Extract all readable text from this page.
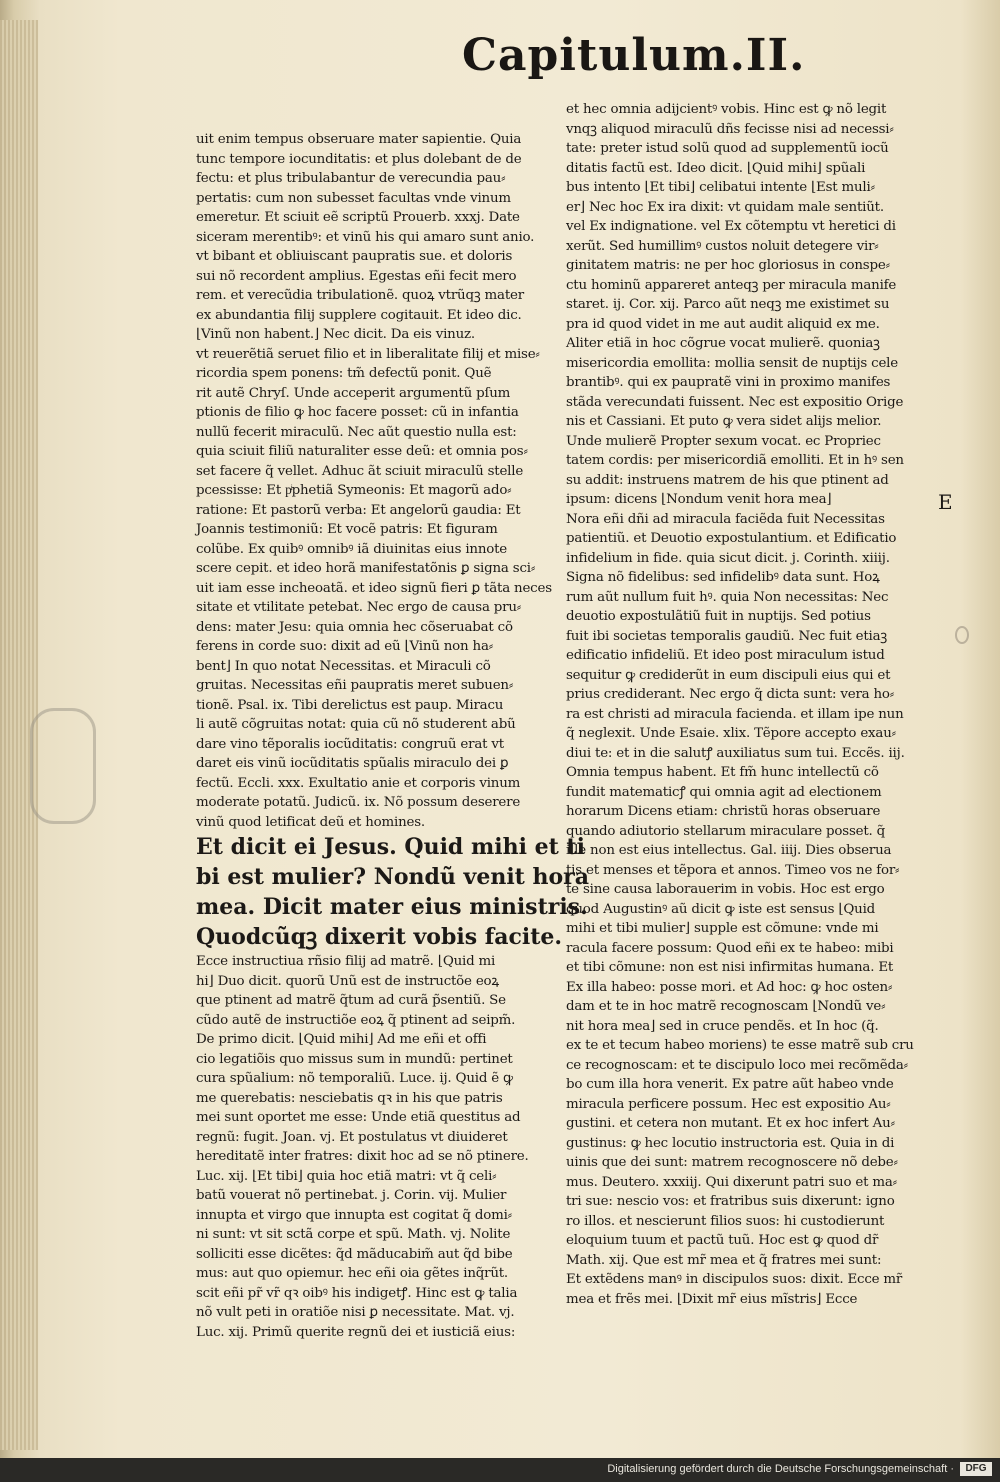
Capitulum.II.
E
uit enim tempus obseruare mater sapientie. Quia
tunc tempore iocunditatis: et plus dolebant de de
fectu: et plus tribulabantur de verecundia pau⸗
pertatis: cum non subesset facultas vnde vinum
emeretur. Et sciuit eẽ scriptũ Prouerb. xxxj. Date
siceram merentibꝰ: et vinũ his qui amaro sunt anio.
vt bibant et obliuiscant paupratis sue. et doloris
sui nõ recordent amplius. Egestas eñi fecit mero
rem. et verecũdia tribulationẽ. quoꝝ vtrũqꝫ mater
ex abundantia filij supplere cogitauit. Et ideo dic.
⌊Vinũ non habent.⌋ Nec dicit. Da eis vinuz.
vt reuerẽtiã seruet filio et in liberalitate filij et mise⸗
ricordia spem ponens: tm̃ defectũ ponit. Quẽ
rit autẽ Chryſ. Unde acceperit argumentũ pſum
ptionis de filio ꝙ hoc facere posset: cũ in infantia
nullũ fecerit miraculũ. Nec aũt questio nulla est:
quia sciuit filiũ naturaliter esse deũ: et omnia pos⸗
set facere q̃ vellet. Adhuc ãt sciuit miraculũ stelle
pcessisse: Et pͥphetiã Symeonis: Et magorũ ado⸗
ratione: Et pastorũ verba: Et angelorũ gaudia: Et
Joannis testimoniũ: Et vocẽ patris: Et figuram
colũbe. Ex quibꝰ omnibꝰ iã diuinitas eius innote
scere cepit. et ideo horã manifestatõnis ꝑ signa sci⸗
uit iam esse incheoatã. et ideo signũ fieri ꝑ tãta neces
sitate et vtilitate petebat. Nec ergo de causa pru⸗
dens: mater Jesu: quia omnia hec cõseruabat cõ
ferens in corde suo: dixit ad eũ ⌊Vinũ non ha⸗
bent⌋ In quo notat Necessitas. et Miraculi cõ
gruitas. Necessitas eñi paupratis meret subuen⸗
tionẽ. Psal. ix. Tibi derelictus est paup. Miracu
li autẽ cõgruitas notat: quia cũ nõ studerent abũ
dare vino tẽporalis iocũditatis: congruũ erat vt
daret eis vinũ iocũditatis spũalis miraculo dei ꝑ
fectũ. Eccli. xxx. Exultatio anie et corporis vinum
moderate potatũ. Judicũ. ix. Nõ possum deserere
vinũ quod letificat deũ et homines.
Et dicit ei Jesus. Quid mihi et ti
bi est mulier? Nondũ venit hora
mea. Dicit mater eius ministris.
Quodcũqꝫ dixerit vobis facite.
Ecce instructiua rñsio filij ad matrẽ. ⌊Quid mi
hi⌋ Duo dicit. quorũ Unũ est de instructõe eoꝝ
que ptinent ad matrẽ q̃tum ad curã p̃sentiũ. Se
cũdo autẽ de instructiõe eoꝝ q̃ ptinent ad seipm̃.
De primo dicit. ⌊Quid mihi⌋ Ad me eñi et offi
cio legatiõis quo missus sum in mundũ: pertinet
cura spũalium: nõ temporaliũ. Luce. ij. Quid ẽ ꝙ
me querebatis: nesciebatis qꝛ in his que patris
mei sunt oportet me esse: Unde etiã questitus ad
regnũ: fugit. Joan. vj. Et postulatus vt diuideret
hereditatẽ inter fratres: dixit hoc ad se nõ ptinere.
Luc. xij. ⌊Et tibi⌋ quia hoc etiã matri: vt q̃ celi⸗
batũ vouerat nõ pertinebat. j. Corin. vij. Mulier
innupta et virgo que innupta est cogitat q̃ domi⸗
ni sunt: vt sit sctã corpe et spũ. Math. vj. Nolite
solliciti esse dicẽtes: q̃d mãducabim̃ aut q̃d bibe
mus: aut quo opiemur. hec eñi oia gẽtes inq̃rũt.
scit eñi pr̃ vr̃ qꝛ oibꝰ his indigetꝭ. Hinc est ꝙ talia
nõ vult peti in oratiõe nisi ꝑ necessitate. Mat. vj.
Luc. xij. Primũ querite regnũ dei et iusticiã eius:
et hec omnia adijcientꝰ vobis. Hinc est ꝙ nõ legit
vnqꝫ aliquod miraculũ dñs fecisse nisi ad necessi⸗
tate: preter istud solũ quod ad supplementũ iocũ
ditatis factũ est. Ideo dicit. ⌊Quid mihi⌋ spũali
bus intento ⌊Et tibi⌋ celibatui intente ⌊Est muli⸗
er⌋ Nec hoc Ex ira dixit: vt quidam male sentiũt.
vel Ex indignatione. vel Ex cõtemptu vt heretici di
xerũt. Sed humillimꝰ custos noluit detegere vir⸗
ginitatem matris: ne per hoc gloriosus in conspe⸗
ctu hominũ appareret anteqꝫ per miracula manife
staret. ij. Cor. xij. Parco aũt neqꝫ me existimet su
pra id quod videt in me aut audit aliquid ex me.
Aliter etiã in hoc cõgrue vocat mulierẽ. quoniaꝫ
misericordia emollita: mollia sensit de nuptijs cele
brantibꝰ. qui ex paupratẽ vini in proximo manifes
stãda verecundati fuissent. Nec est expositio Orige
nis et Cassiani. Et puto ꝙ vera sidet alijs melior.
Unde mulierẽ Propter sexum vocat. ec Propriec
tatem cordis: per misericordiã emolliti. Et in hꝰ sen
su addit: instruens matrem de his que ptinent ad
ipsum: dicens ⌊Nondum venit hora mea⌋
Nora eñi dñi ad miracula faciẽda fuit Necessitas
patientiũ. et Deuotio expostulantium. et Edificatio
infidelium in fide. quia sicut dicit. j. Corinth. xiiij.
Signa nõ fidelibus: sed infidelibꝰ data sunt. Hoꝝ
rum aũt nullum fuit hꝰ. quia Non necessitas: Nec
deuotio expostulãtiũ fuit in nuptijs. Sed potius
fuit ibi societas temporalis gaudiũ. Nec fuit etiaꝫ
edificatio infideliũ. Et ideo post miraculum istud
sequitur ꝙ crediderũt in eum discipuli eius qui et
prius crediderant. Nec ergo q̃ dicta sunt: vera ho⸗
ra est christi ad miracula facienda. et illam ipe nun
q̃ neglexit. Unde Esaie. xlix. Tẽpore accepto exau⸗
diui te: et in die salutꝭ auxiliatus sum tui. Eccẽs. iij.
Omnia tempus habent. Et fm̃ hunc intellectũ cõ
fundit matematicꝭ qui omnia agit ad electionem
horarum Dicens etiam: christũ horas obseruare
quando adiutorio stellarum miraculare posset. q̃
ille non est eius intellectus. Gal. iiij. Dies obserua
tis et menses et tẽpora et annos. Timeo vos ne for⸗
te sine causa laborauerim in vobis. Hoc est ergo
quod Augustinꝰ aũ dicit ꝙ iste est sensus ⌊Quid
mihi et tibi mulier⌋ supple est cõmune: vnde mi
racula facere possum: Quod eñi ex te habeo: mibi
et tibi cõmune: non est nisi infirmitas humana. Et
Ex illa habeo: posse mori. et Ad hoc: ꝙ hoc osten⸗
dam et te in hoc matrẽ recognoscam ⌊Nondũ ve⸗
nit hora mea⌋ sed in cruce pendẽs. et In hoc (q̃.
ex te et tecum habeo moriens) te esse matrẽ sub cru
ce recognoscam: et te discipulo loco mei recõmẽda⸗
bo cum illa hora venerit. Ex patre aũt habeo vnde
miracula perficere possum. Hec est expositio Au⸗
gustini. et cetera non mutant. Et ex hoc infert Au⸗
gustinus: ꝙ hec locutio instructoria est. Quia in di
uinis que dei sunt: matrem recognoscere nõ debe⸗
mus. Deutero. xxxiij. Qui dixerunt patri suo et ma⸗
tri sue: nescio vos: et fratribus suis dixerunt: igno
ro illos. et nescierunt filios suos: hi custodierunt
eloquium tuum et pactũ tuũ. Hoc est ꝙ quod dr̃
Math. xij. Que est mr̃ mea et q̃ fratres mei sunt:
Et extẽdens manꝰ in discipulos suos: dixit. Ecce mr̃
mea et frẽs mei. ⌊Dixit mr̃ eius mĩstris⌋ Ecce
Digitalisierung gefördert durch die Deutsche Forschungsgemeinschaft ·	DFG
